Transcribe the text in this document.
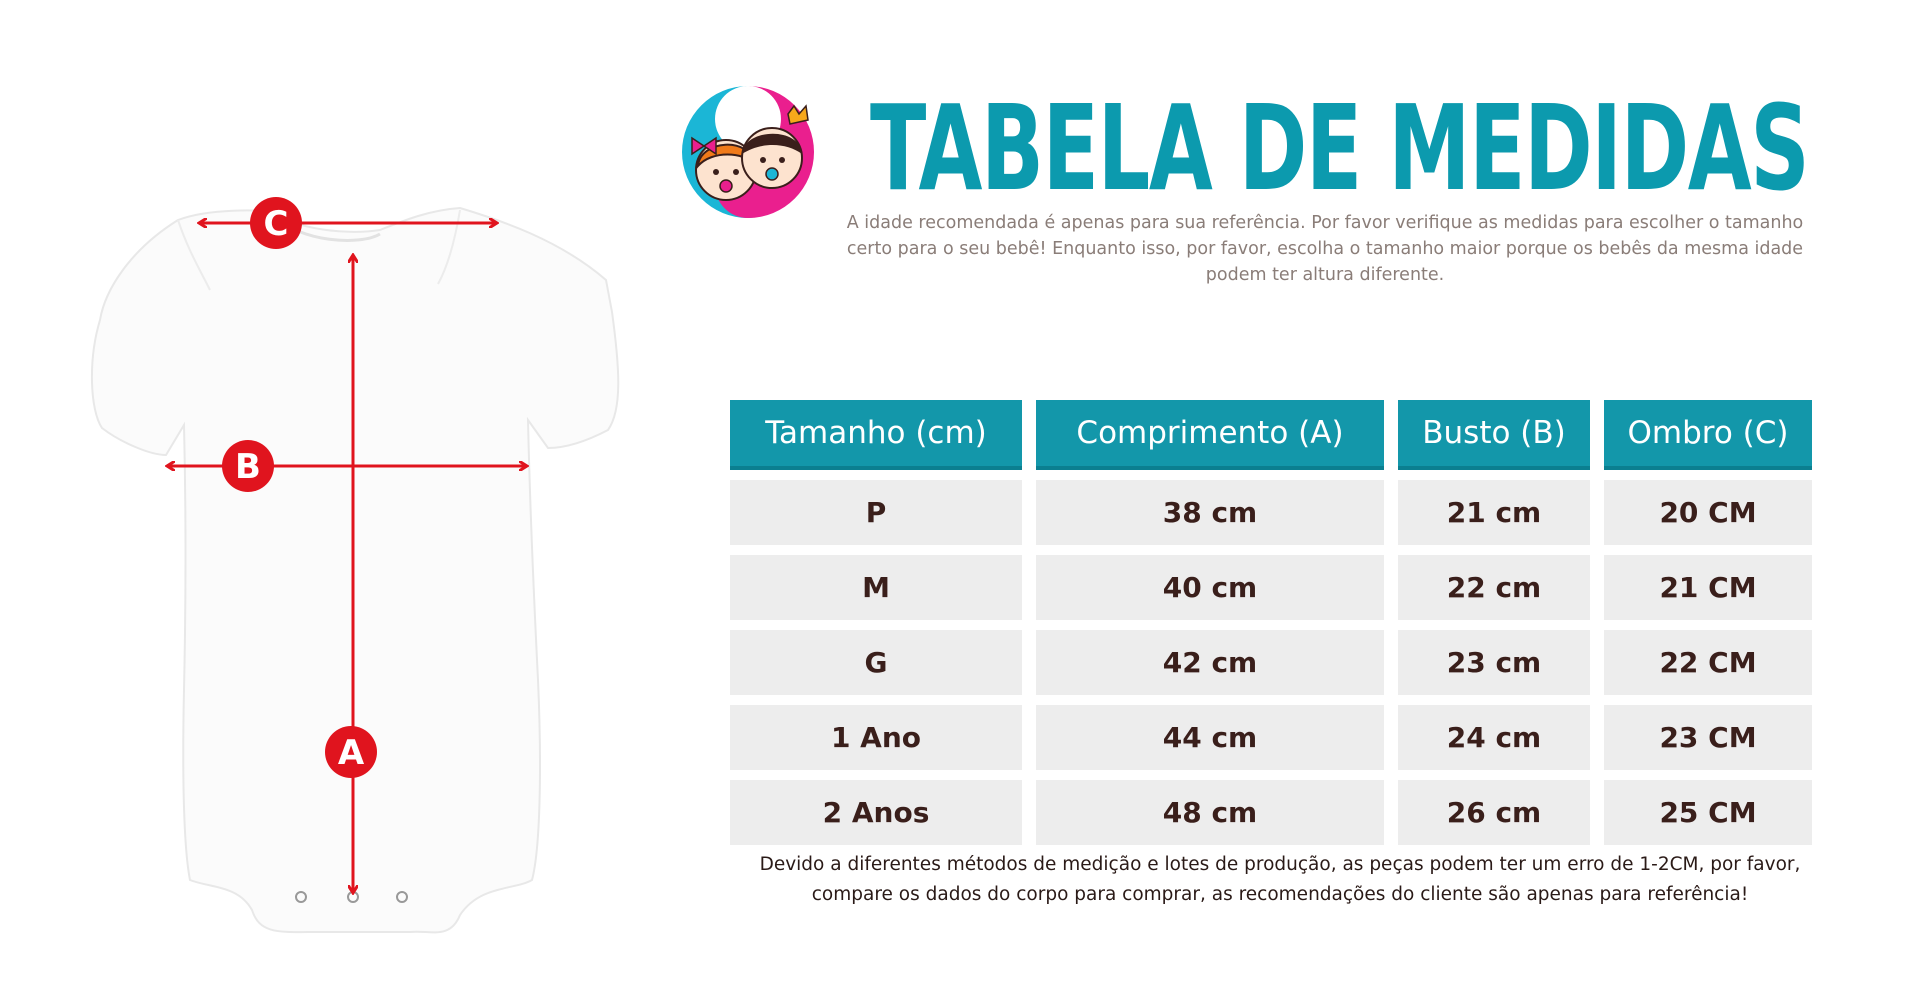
C
B
A
TABELA DE MEDIDAS

A idade recomendada é apenas para sua referência. Por favor verifique as medidas para escolher o tamanho certo para o seu bebê! Enquanto isso, por favor, escolha o tamanho maior porque os bebês da mesma idade podem ter altura diferente.

Tamanho (cm)	Comprimento (A)	Busto (B)	Ombro (C)
P	38 cm	21 cm	20 CM
M	40 cm	22 cm	21 CM
G	42 cm	23 cm	22 CM
1 Ano	44 cm	24 cm	23 CM
2 Anos	48 cm	26 cm	25 CM

Devido a diferentes métodos de medição e lotes de produção, as peças podem ter um erro de 1-2CM, por favor, compare os dados do corpo para comprar, as recomendações do cliente são apenas para referência!
